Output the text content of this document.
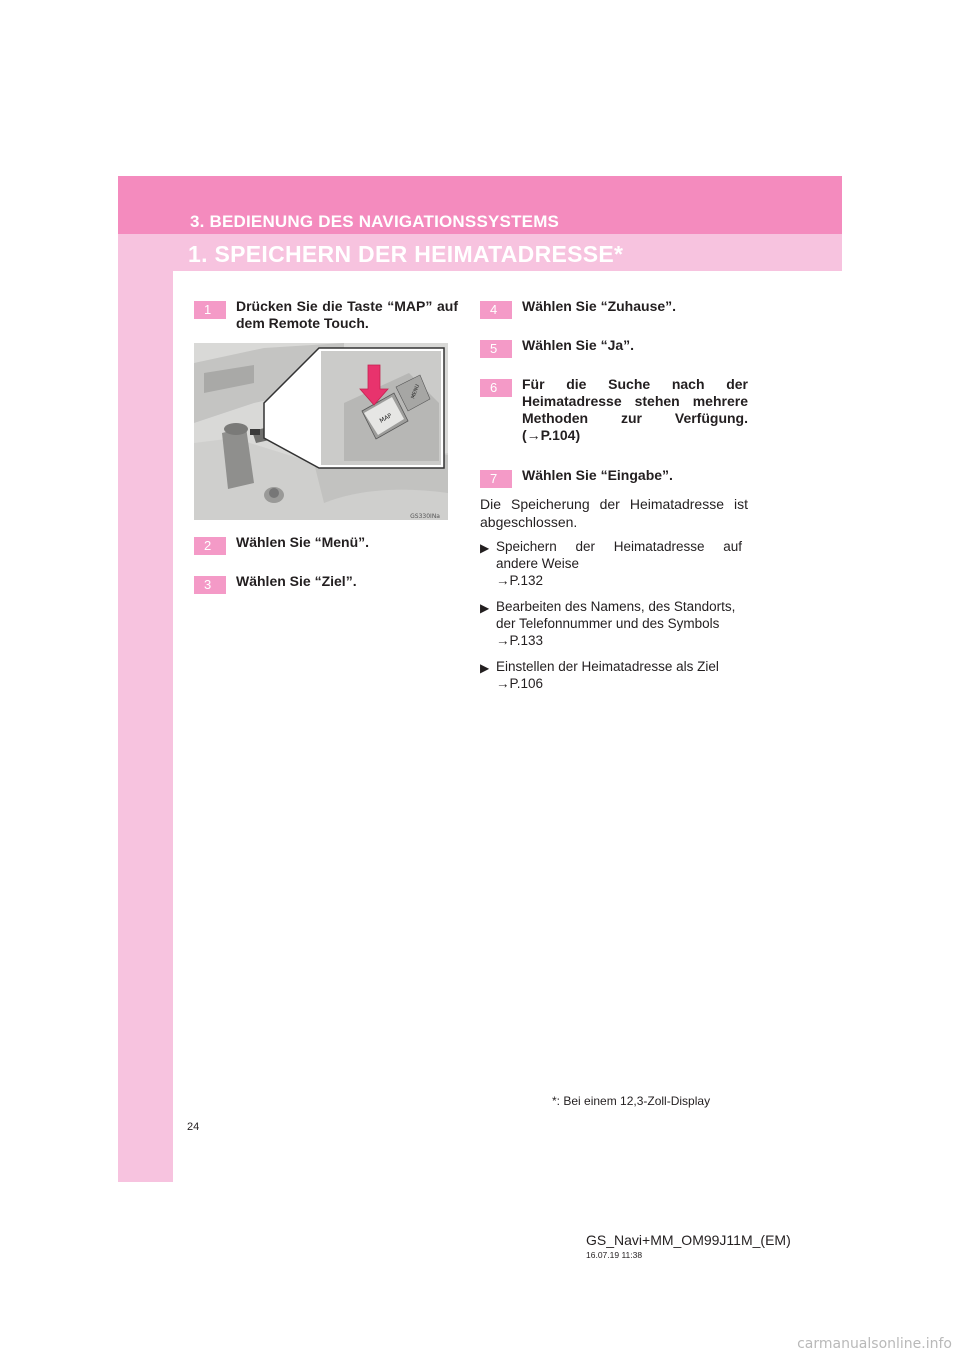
3. BEDIENUNG DES NAVIGATIONSSYSTEMS
1. SPEICHERN DER HEIMATADRESSE*
1	Drücken Sie die Taste “MAP” auf dem Remote Touch.
MAP
MENU
GS330INa
2	Wählen Sie “Menü”.
3	Wählen Sie “Ziel”.
4	Wählen Sie “Zuhause”.
5	Wählen Sie “Ja”.
6	Für die Suche nach der Heimatadresse stehen mehrere Methoden zur Verfügung. (→P.104)
7	Wählen Sie “Eingabe”.
Die Speicherung der Heimatadresse ist abgeschlossen.
▶ Speichern der Heimatadresse auf andere Weise
→P.132
▶ Bearbeiten des Namens, des Standorts, der Telefonnummer und des Symbols
→P.133
▶ Einstellen der Heimatadresse als Ziel
→P.106
*: Bei einem 12,3-Zoll-Display
24
GS_Navi+MM_OM99J11M_(EM)
16.07.19 11:38
carmanualsonline.info
